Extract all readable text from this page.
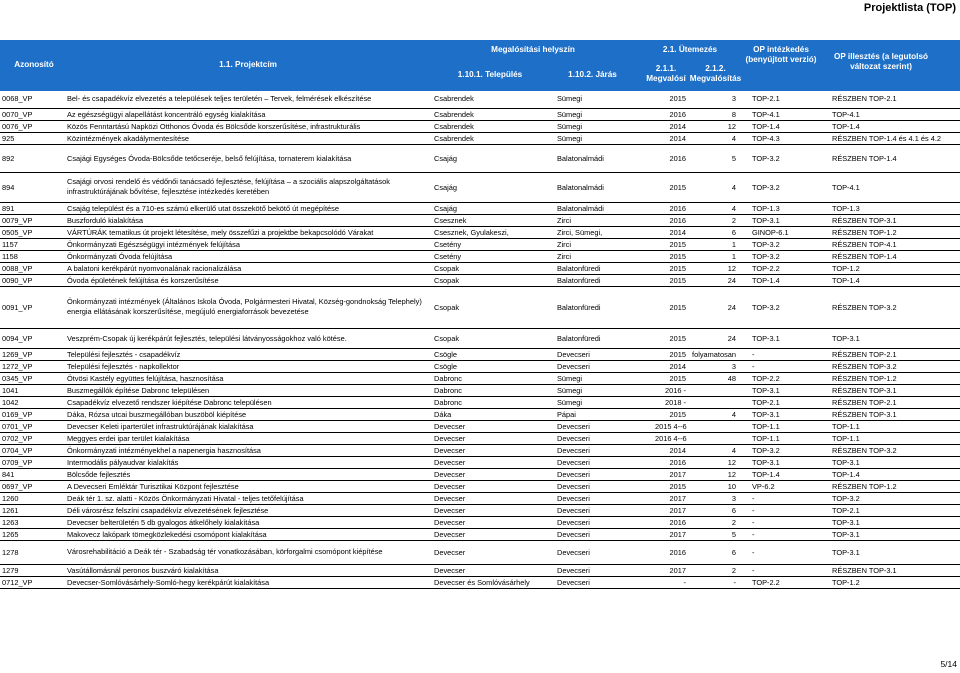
Projektlista (TOP)
Azonosító	1.1. Projektcím
Megalósítási helyszín
1.10.1. Település	1.10.2. Járás
2.1. Ütemezés
2.1.1. Megvalósí
2.1.2. Megvalósítás
OP intézkedés (benyújtott verzió)	OP illesztés (a legutolsó változat szerint)
0068_VP	Bel- és csapadékvíz elvezetés a települések teljes területén – Tervek, felmérések elkészítése	Csabrendek	Sümegi	2015	3	TOP-2.1	RÉSZBEN TOP-2.1
0070_VP	Az egészségügyi alapellátást koncentráló egység kialakítása	Csabrendek	Sümegi	2016	8	TOP-4.1	TOP-4.1
0076_VP	Közös Fenntartású Napközi Otthonos Óvoda és Bölcsőde korszerűsítése, infrastrukturális	Csabrendek	Sümegi	2014	12	TOP-1.4	TOP-1.4
925	Közintézmények akadálymentesítése	Csabrendek	Sümegi	2014	4	TOP-4.3	RÉSZBEN TOP-1.4 és 4.1 és 4.2
892	Csajági Egységes Óvoda-Bölcsőde tetőcseréje, belső felújítása, tornaterem kialakítása	Csajág	Balatonalmádi	2016	5	TOP-3.2	RÉSZBEN TOP-1.4
894	Csajági orvosi rendelő és védőnői tanácsadó fejlesztése, felújítása – a szociális alapszolgáltatások infrastruktúrájának bővítése, fejlesztése intézkedés keretében	Csajág	Balatonalmádi	2015	4	TOP-3.2	TOP-4.1
891	Csajág települést és a 710-es számú elkerülő utat összekötő bekötő út megépítése	Csajág	Balatonalmádi	2016	4	TOP-1.3	TOP-1.3
0079_VP	Buszforduló kialakítása	Csesznek	Zirci	2016	2	TOP-3.1	RÉSZBEN TOP-3.1
0505_VP	VÁRTÚRÁK tematikus út projekt létesítése, mely összefűzi a projektbe bekapcsolódó Várakat	Csesznek, Gyulakeszi,	Zirci, Sümegi,	2014	6	GINOP-6.1	RÉSZBEN TOP-1.2
1157	Önkormányzati Egészségügyi intézmények felújítása	Csetény	Zirci	2015	1	TOP-3.2	RÉSZBEN TOP-4.1
1158	Önkormányzati Óvoda felújítása	Csetény	Zirci	2015	1	TOP-3.2	RÉSZBEN TOP-1.4
0088_VP	A balatoni kerékpárút nyomvonalának racionalizálása	Csopak	Balatonfüredi	2015	12	TOP-2.2	TOP-1.2
0090_VP	Óvoda épületének felújítása és korszerűsítése	Csopak	Balatonfüredi	2015	24	TOP-1.4	TOP-1.4
0091_VP	Önkormányzati intézmények (Általános Iskola Óvoda, Polgármesteri Hivatal, Község-gondnokság Telephely) energia ellátásának korszerűsítése, megújuló energiaforrások bevezetése	Csopak	Balatonfüredi	2015	24	TOP-3.2	RÉSZBEN TOP-3.2
0094_VP	Veszprém-Csopak új kerékpárút fejlesztés, települési látványosságokhoz való kötése.	Csopak	Balatonfüredi	2015	24	TOP-3.1	TOP-3.1
1269_VP	Települési fejlesztés - csapadékvíz	Csögle	Devecseri	2015	folyamatosan	-	RÉSZBEN TOP-2.1
1272_VP	Települési fejlesztés - napkollektor	Csögle	Devecseri	2014	3	-	RÉSZBEN TOP-3.2
0345_VP	Ötvösi Kastély együttes felújítása, hasznosítása	Dabronc	Sümegi	2015	48	TOP-2.2	RÉSZBEN TOP-1.2
1041	Buszmegállók építése Dabronc településen	Dabronc	Sümegi	2016 -		TOP-3.1	RÉSZBEN TOP-3.1
1042	Csapadékvíz elvezető rendszer kiépítése Dabronc településen	Dabronc	Sümegi	2018 -		TOP-2.1	RÉSZBEN TOP-2.1
0169_VP	Dáka, Rózsa utcai buszmegállóban buszöböl kiépítése	Dáka	Pápai	2015	4	TOP-3.1	RÉSZBEN TOP-3.1
0701_VP	Devecser Keleti iparterület infrastruktúrájának kialakítása	Devecser	Devecseri	2015 4--6		TOP-1.1	TOP-1.1
0702_VP	Meggyes erdei ipar terület kialakítása	Devecser	Devecseri	2016 4--6		TOP-1.1	TOP-1.1
0704_VP	Önkormányzati intézményekhel a napenergia hasznosítása	Devecser	Devecseri	2014	4	TOP-3.2	RÉSZBEN TOP-3.2
0709_VP	Intermodális pályaudvar kialakítás	Devecser	Devecseri	2016	12	TOP-3.1	TOP-3.1
841	Bölcsőde fejlesztés	Devecser	Devecseri	2017	12	TOP-1.4	TOP-1.4
0697_VP	A Devecseri Emléktár Turisztikai Központ fejlesztése	Devecser	Devecseri	2015	10	VP-6.2	RÉSZBEN TOP-1.2
1260	Deák tér 1. sz. alatti - Közös Önkormányzati Hivatal - teljes tetőfelújítása	Devecser	Devecseri	2017	3	-	TOP-3.2
1261	Déli városrész felszíni csapadékvíz elvezetésének fejlesztése	Devecser	Devecseri	2017	6	-	TOP-2.1
1263	Devecser belterületén 5 db gyalogos átkelőhely kialakítása	Devecser	Devecseri	2016	2	-	TOP-3.1
1265	Makovecz lakópark tömegközlekedési csomópont kialakítása	Devecser	Devecseri	2017	5	-	TOP-3.1
1278	Városrehabilitáció a Deák tér - Szabadság tér vonatkozásában, körforgalmi csomópont kiépítése	Devecser	Devecseri	2016	6	-	TOP-3.1
1279	Vasútállomásnál peronos buszváró kialakítása	Devecser	Devecseri	2017	2	-	RÉSZBEN TOP-3.1
0712_VP	Devecser-Somlóvásárhely-Somló-hegy kerékpárút kialakítása	Devecser és Somlóvásárhely	Devecseri	-	-	TOP-2.2	TOP-1.2
5/14
